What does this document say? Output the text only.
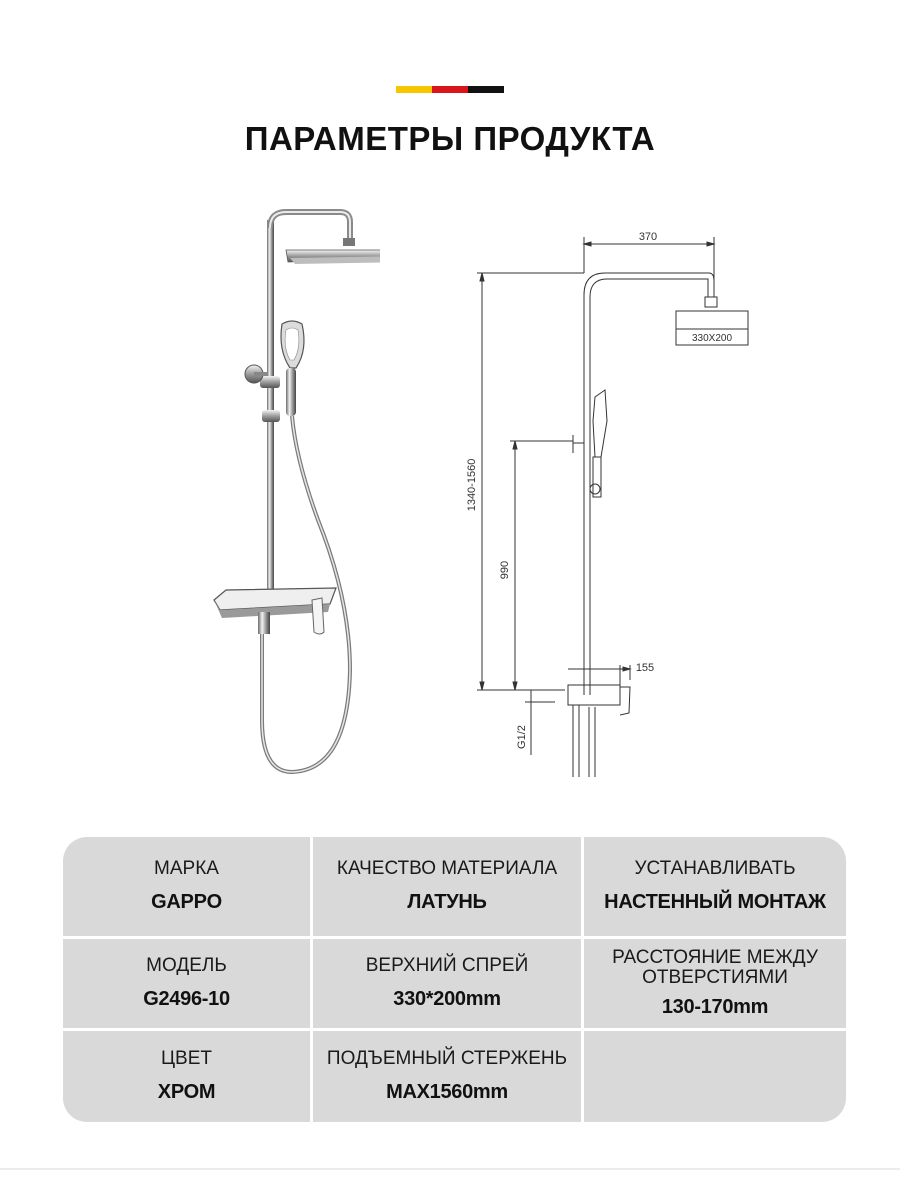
ПАРАМЕТРЫ ПРОДУКТА
370
330X200
1340-1560
990
155
G1/2
МАРКА
GAPPO
КАЧЕСТВО МАТЕРИАЛА
ЛАТУНЬ
УСТАНАВЛИВАТЬ
НАСТЕННЫЙ МОНТАЖ
МОДЕЛЬ
G2496-10
ВЕРХНИЙ СПРЕЙ
330*200mm
РАССТОЯНИЕ МЕЖДУ
ОТВЕРСТИЯМИ
130-170mm
ЦВЕТ
ХРОМ
ПОДЪЕМНЫЙ СТЕРЖЕНЬ
MAX1560mm
